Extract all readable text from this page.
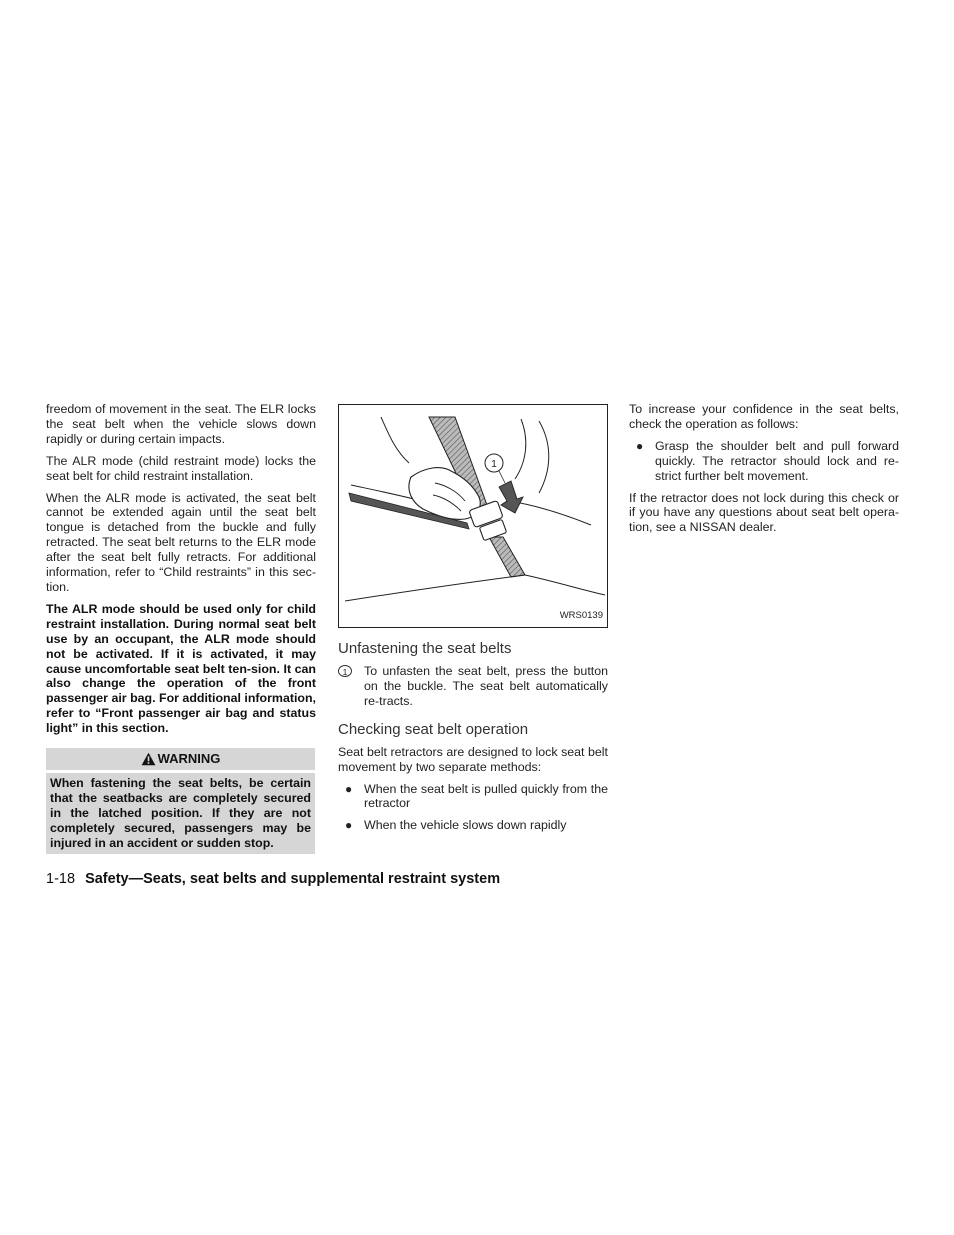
freedom of movement in the seat. The ELR locks the seat belt when the vehicle slows down rapidly or during certain impacts.

The ALR mode (child restraint mode) locks the seat belt for child restraint installation.

When the ALR mode is activated, the seat belt cannot be extended again until the seat belt tongue is detached from the buckle and fully retracted. The seat belt returns to the ELR mode after the seat belt fully retracts. For additional information, refer to “Child restraints” in this sec-tion.

The ALR mode should be used only for child restraint installation. During normal seat belt use by an occupant, the ALR mode should not be activated. If it is activated, it may cause uncomfortable seat belt ten-sion. It can also change the operation of the front passenger air bag. For additional information, refer to “Front passenger air bag and status light” in this section.

WARNING
When fastening the seat belts, be certain that the seatbacks are completely secured in the latched position. If they are not completely secured, passengers may be injured in an accident or sudden stop.
1
WRS0139
Unfastening the seat belts
1	To unfasten the seat belt, press the button on the buckle. The seat belt automatically re-tracts.
Checking seat belt operation

Seat belt retractors are designed to lock seat belt movement by two separate methods:

● When the seat belt is pulled quickly from the retractor
● When the vehicle slows down rapidly

To increase your confidence in the seat belts, check the operation as follows:

● Grasp the shoulder belt and pull forward quickly. The retractor should lock and re-strict further belt movement.

If the retractor does not lock during this check or if you have any questions about seat belt opera-tion, see a NISSAN dealer.

1-18 Safety—Seats, seat belts and supplemental restraint system
